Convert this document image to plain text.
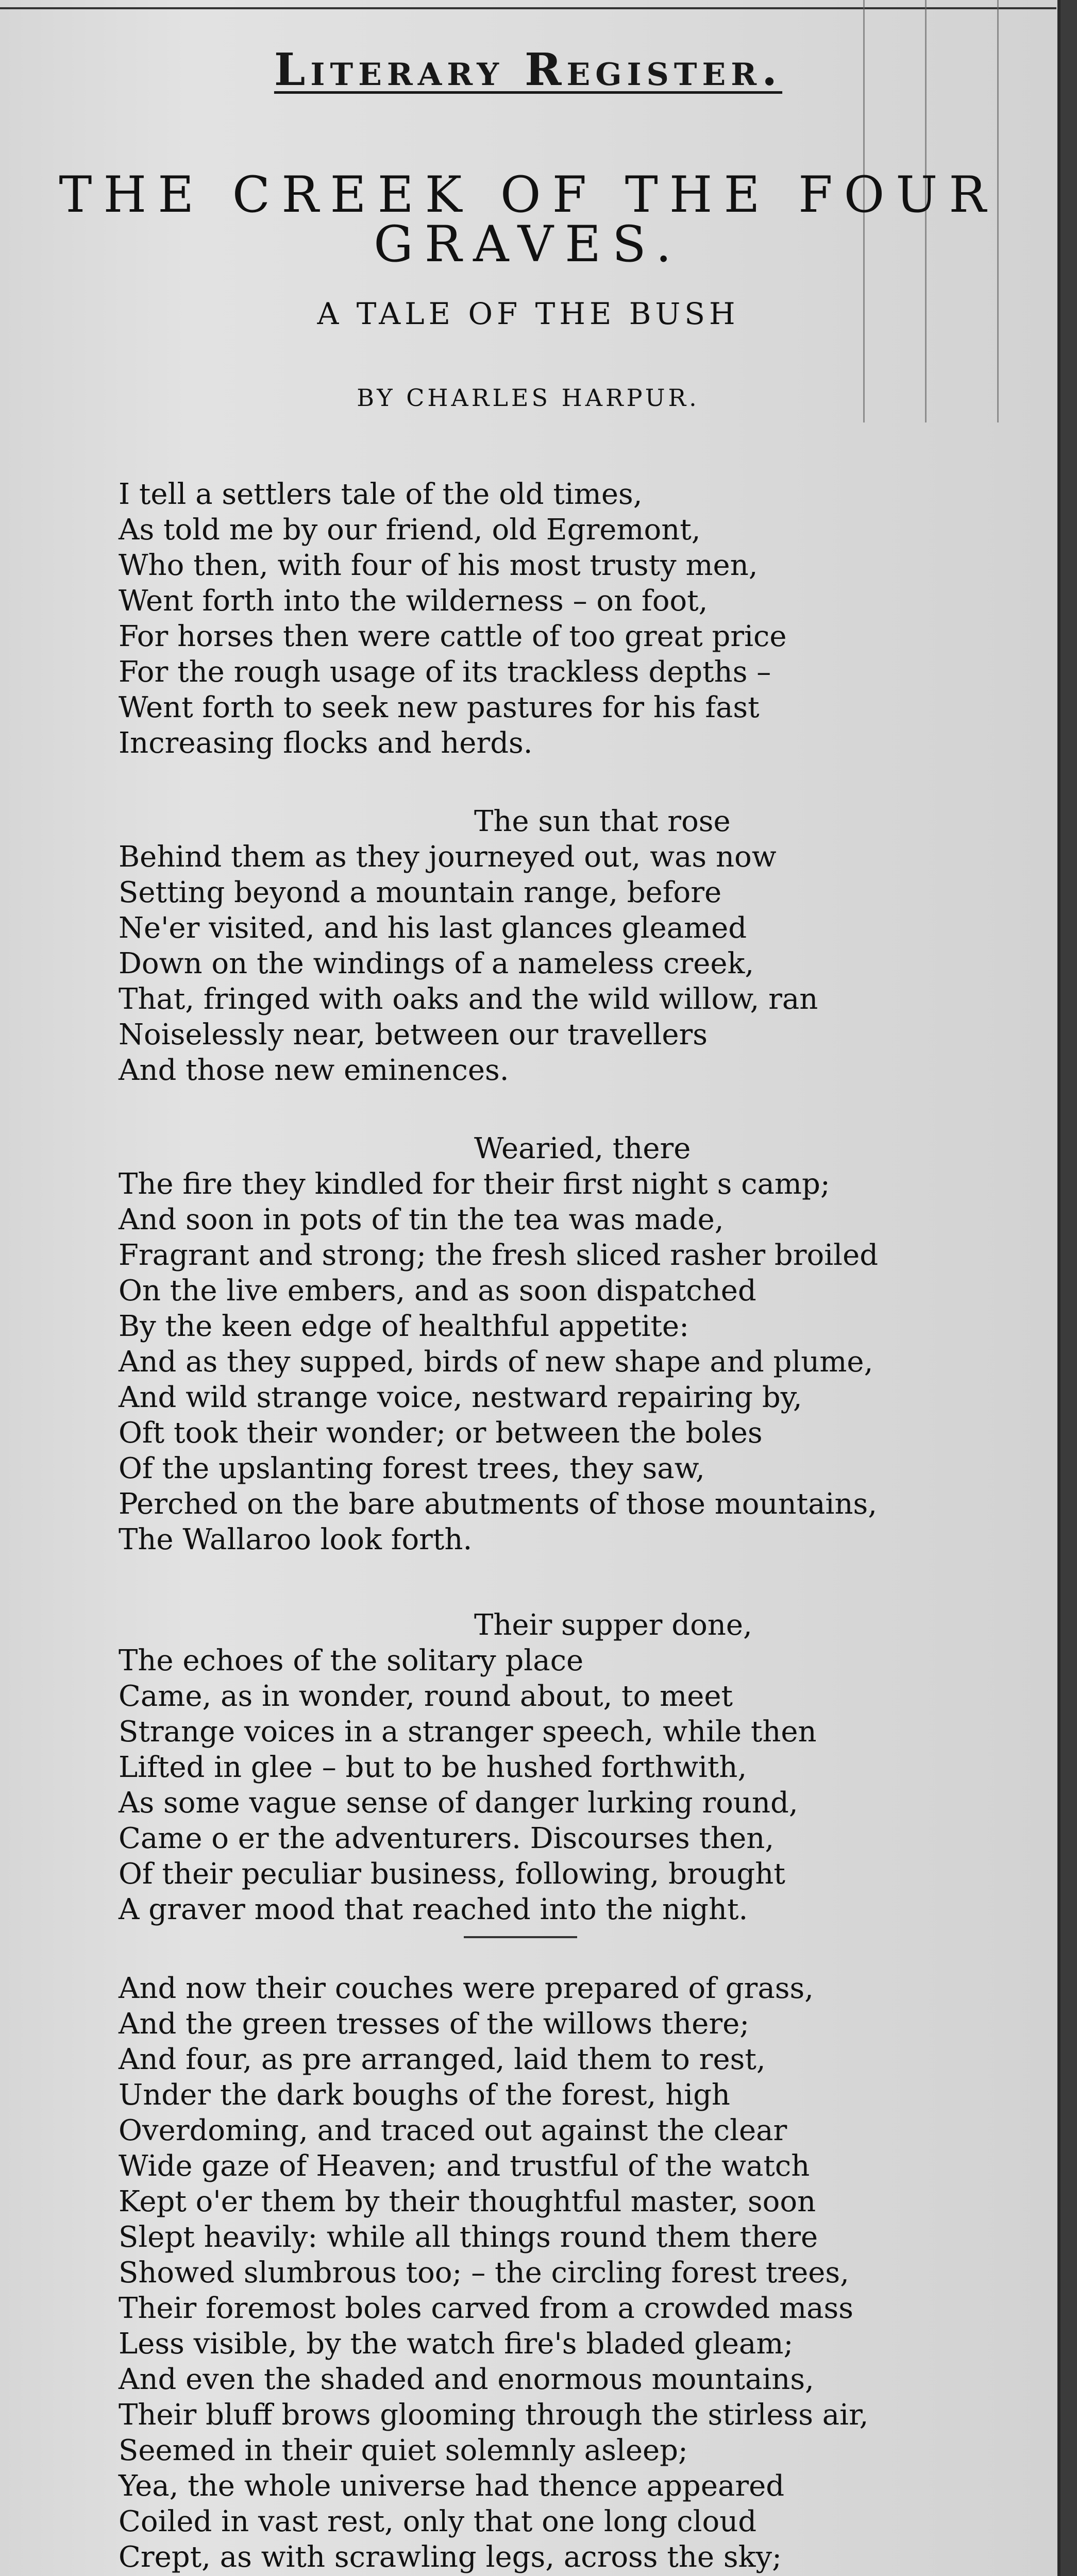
Literary Register.
THE CREEK OF THE FOUR
GRAVES.
A TALE OF THE BUSH
BY CHARLES HARPUR.
I tell a settlers tale of the old times,
As told me by our friend, old Egremont,
Who then, with four of his most trusty men,
Went forth into the wilderness – on foot,
For horses then were cattle of too great price
For the rough usage of its trackless depths –
Went forth to seek new pastures for his fast
Increasing flocks and herds.
The sun that rose
Behind them as they journeyed out, was now
Setting beyond a mountain range, before
Ne'er visited, and his last glances gleamed
Down on the windings of a nameless creek,
That, fringed with oaks and the wild willow, ran
Noiselessly near, between our travellers
And those new eminences.
Wearied, there
The fire they kindled for their first night s camp;
And soon in pots of tin the tea was made,
Fragrant and strong; the fresh sliced rasher broiled
On the live embers, and as soon dispatched
By the keen edge of healthful appetite:
And as they supped, birds of new shape and plume,
And wild strange voice, nestward repairing by,
Oft took their wonder; or between the boles
Of the upslanting forest trees, they saw,
Perched on the bare abutments of those mountains,
The Wallaroo look forth.
Their supper done,
The echoes of the solitary place
Came, as in wonder, round about, to meet
Strange voices in a stranger speech, while then
Lifted in glee – but to be hushed forthwith,
As some vague sense of danger lurking round,
Came o er the adventurers. Discourses then,
Of their peculiar business, following, brought
A graver mood that reached into the night.
And now their couches were prepared of grass,
And the green tresses of the willows there;
And four, as pre arranged, laid them to rest,
Under the dark boughs of the forest, high
Overdoming, and traced out against the clear
Wide gaze of Heaven; and trustful of the watch
Kept o'er them by their thoughtful master, soon
Slept heavily: while all things round them there
Showed slumbrous too; – the circling forest trees,
Their foremost boles carved from a crowded mass
Less visible, by the watch fire's bladed gleam;
And even the shaded and enormous mountains,
Their bluff brows glooming through the stirless air,
Seemed in their quiet solemnly asleep;
Yea, the whole universe had thence appeared
Coiled in vast rest, only that one long cloud
Crept, as with scrawling legs, across the sky;
